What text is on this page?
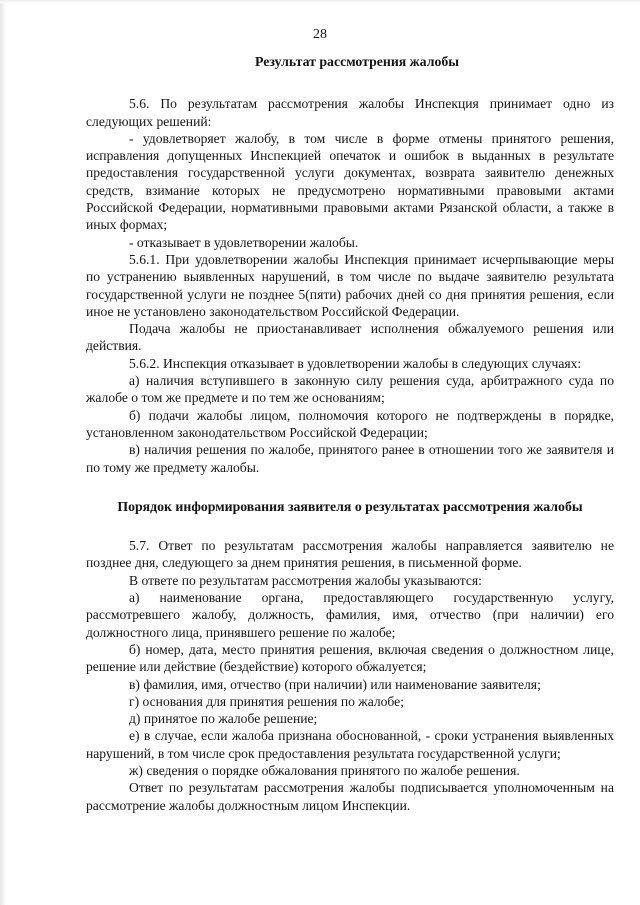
28
Результат рассмотрения жалобы

5.6. По результатам рассмотрения жалобы Инспекция принимает одно из следующих решений:

- удовлетворяет жалобу, в том числе в форме отмены принятого решения, исправления допущенных Инспекцией опечаток и ошибок в выданных в результате предоставления государственной услуги документах, возврата заявителю денежных средств, взимание которых не предусмотрено нормативными правовыми актами Российской Федерации, нормативными правовыми актами Рязанской области, а также в иных формах;

- отказывает в удовлетворении жалобы.

5.6.1. При удовлетворении жалобы Инспекция принимает исчерпывающие меры по устранению выявленных нарушений, в том числе по выдаче заявителю результата государственной услуги не позднее 5(пяти) рабочих дней со дня принятия решения, если иное не установлено законодательством Российской Федерации.

Подача жалобы не приостанавливает исполнения обжалуемого решения или действия.

5.6.2. Инспекция отказывает в удовлетворении жалобы в следующих случаях:

а) наличия вступившего в законную силу решения суда, арбитражного суда по жалобе о том же предмете и по тем же основаниям;

б) подачи жалобы лицом, полномочия которого не подтверждены в порядке, установленном законодательством Российской Федерации;

в) наличия решения по жалобе, принятого ранее в отношении того же заявителя и по тому же предмету жалобы.

Порядок информирования заявителя о результатах рассмотрения жалобы

5.7. Ответ по результатам рассмотрения жалобы направляется заявителю не позднее дня, следующего за днем принятия решения, в письменной форме.

В ответе по результатам рассмотрения жалобы указываются:

а) наименование органа, предоставляющего государственную услугу, рассмотревшего жалобу, должность, фамилия, имя, отчество (при наличии) его должностного лица, принявшего решение по жалобе;

б) номер, дата, место принятия решения, включая сведения о должностном лице, решение или действие (бездействие) которого обжалуется;

в) фамилия, имя, отчество (при наличии) или наименование заявителя;

г) основания для принятия решения по жалобе;

д) принятое по жалобе решение;

е) в случае, если жалоба признана обоснованной, - сроки устранения выявленных нарушений, в том числе срок предоставления результата государственной услуги;

ж) сведения о порядке обжалования принятого по жалобе решения.

Ответ по результатам рассмотрения жалобы подписывается уполномоченным на рассмотрение жалобы должностным лицом Инспекции.
